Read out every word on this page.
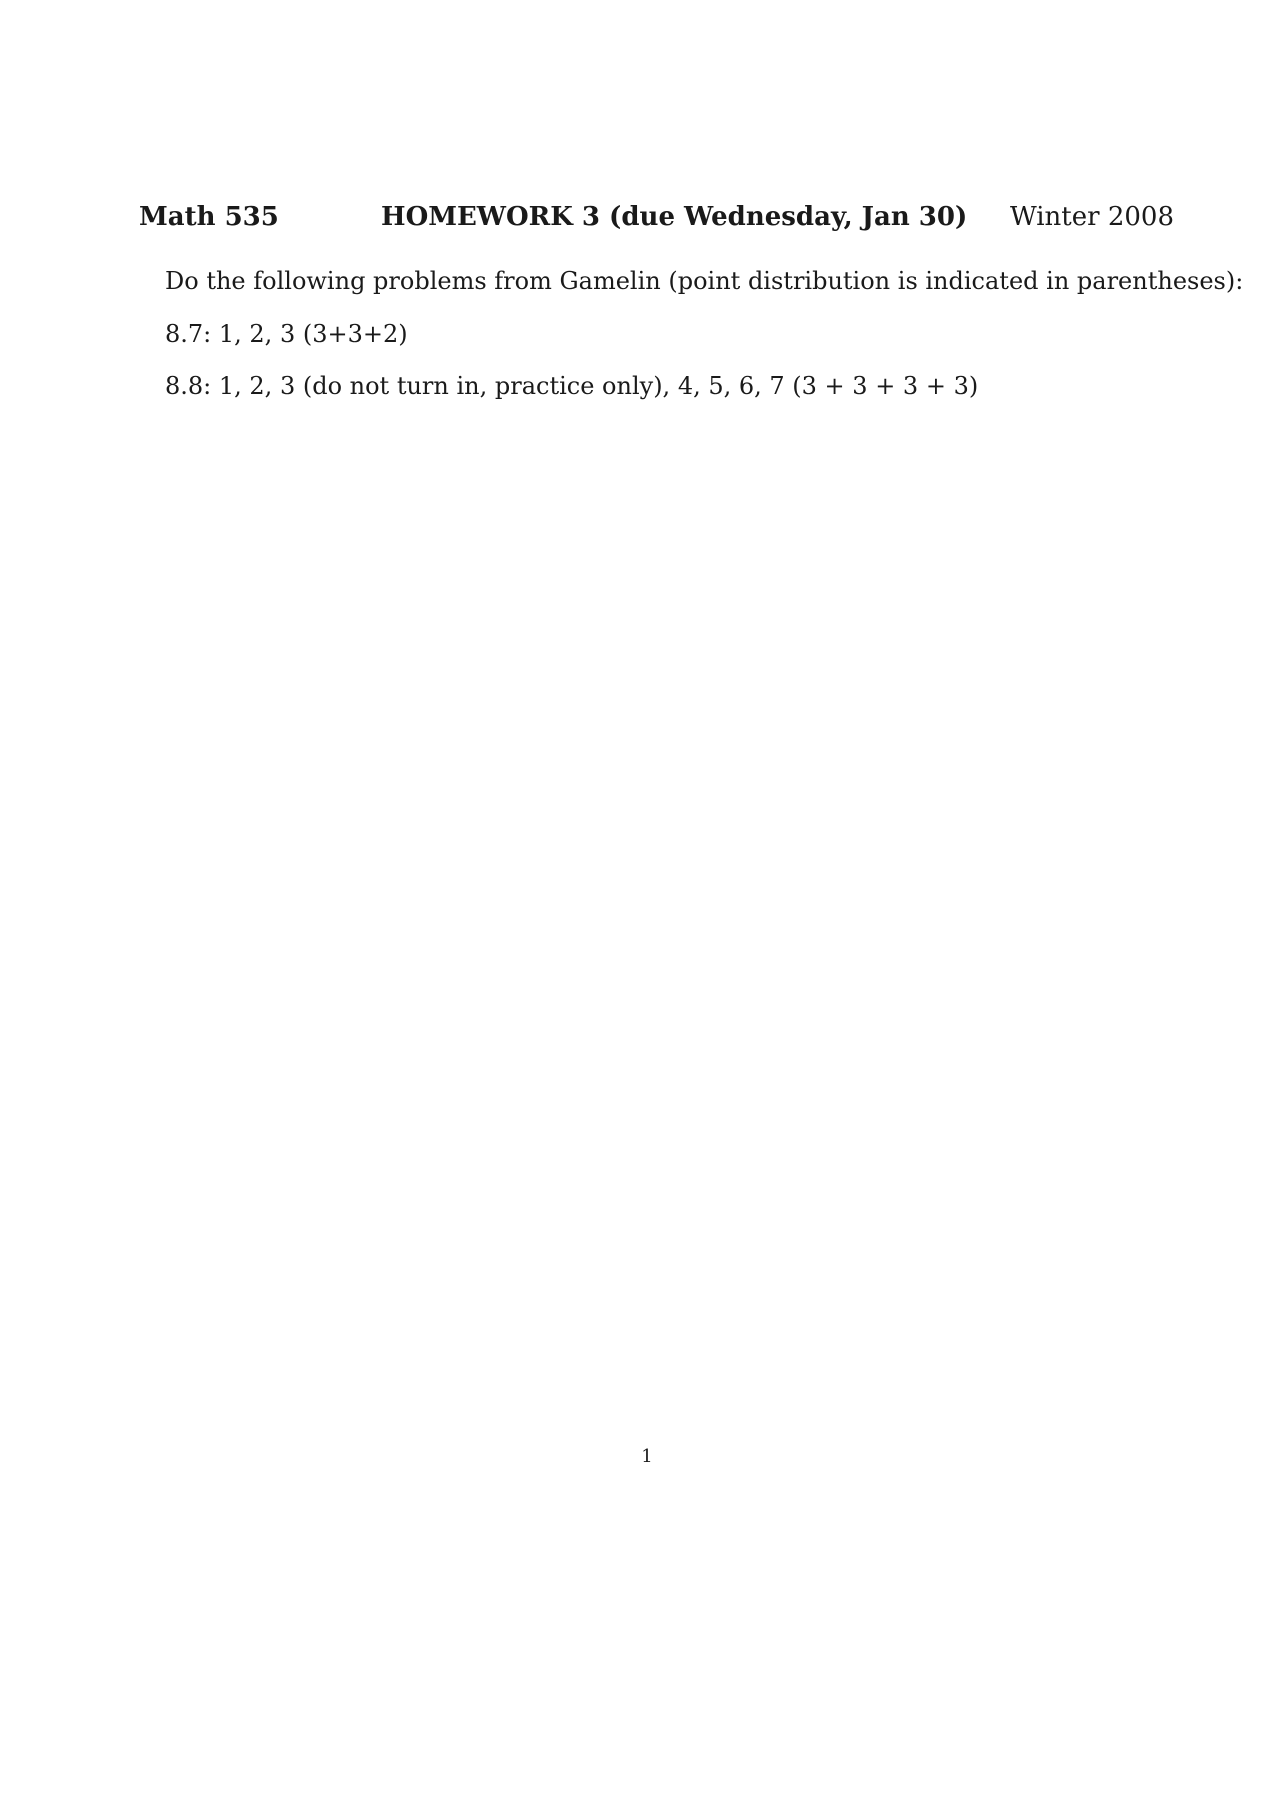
Math 535	HOMEWORK 3 (due Wednesday, Jan 30) Winter 2008
Do the following problems from Gamelin (point distribution is indicated in parentheses):
8.7: 1, 2, 3 (3+3+2)
8.8: 1, 2, 3 (do not turn in, practice only), 4, 5, 6, 7 (3 + 3 + 3 + 3)
1
